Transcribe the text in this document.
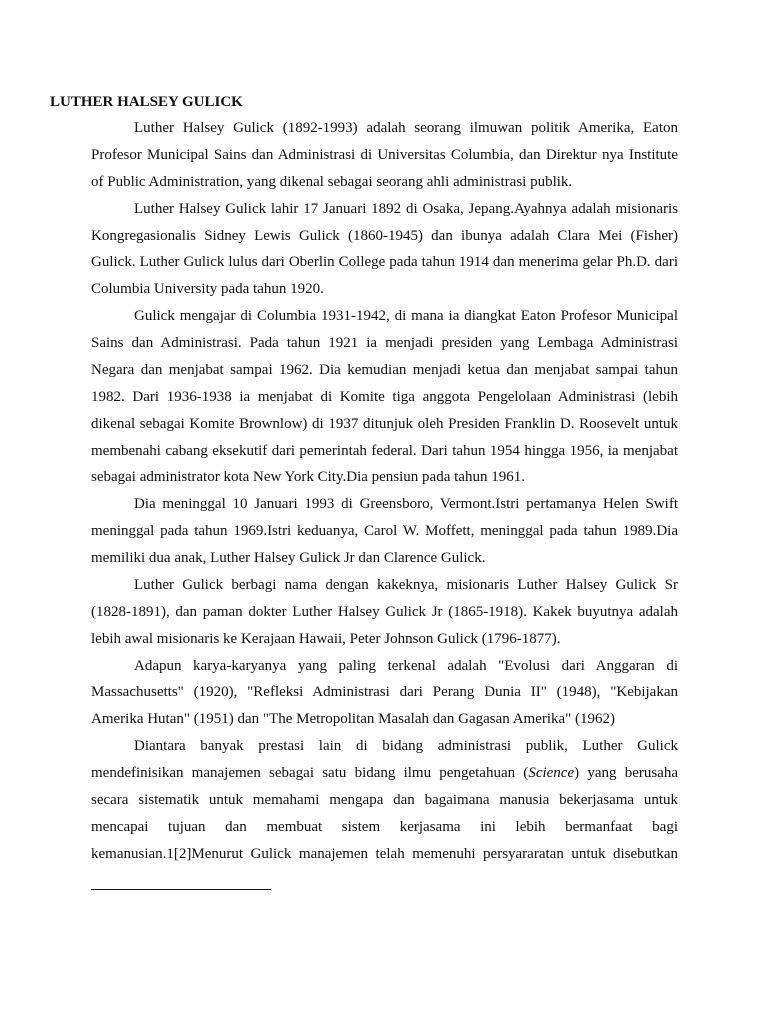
LUTHER HALSEY GULICK
Luther Halsey Gulick (1892-1993) adalah seorang ilmuwan politik Amerika, Eaton
Profesor Municipal Sains dan Administrasi di Universitas Columbia, dan Direktur nya Institute
of Public Administration, yang dikenal sebagai seorang ahli administrasi publik.
Luther Halsey Gulick lahir 17 Januari 1892 di Osaka, Jepang.Ayahnya adalah misionaris
Kongregasionalis Sidney Lewis Gulick (1860-1945) dan ibunya adalah Clara Mei (Fisher)
Gulick. Luther Gulick lulus dari Oberlin College pada tahun 1914 dan menerima gelar Ph.D. dari
Columbia University pada tahun 1920.
Gulick mengajar di Columbia 1931-1942, di mana ia diangkat Eaton Profesor Municipal
Sains dan Administrasi. Pada tahun 1921 ia menjadi presiden yang Lembaga Administrasi
Negara dan menjabat sampai 1962. Dia kemudian menjadi ketua dan menjabat sampai tahun
1982. Dari 1936-1938 ia menjabat di Komite tiga anggota Pengelolaan Administrasi (lebih
dikenal sebagai Komite Brownlow) di 1937 ditunjuk oleh Presiden Franklin D. Roosevelt untuk
membenahi cabang eksekutif dari pemerintah federal. Dari tahun 1954 hingga 1956, ia menjabat
sebagai administrator kota New York City.Dia pensiun pada tahun 1961.
Dia meninggal 10 Januari 1993 di Greensboro, Vermont.Istri pertamanya Helen Swift
meninggal pada tahun 1969.Istri keduanya, Carol W. Moffett, meninggal pada tahun 1989.Dia
memiliki dua anak, Luther Halsey Gulick Jr dan Clarence Gulick.
Luther Gulick berbagi nama dengan kakeknya, misionaris Luther Halsey Gulick Sr
(1828-1891), dan paman dokter Luther Halsey Gulick Jr (1865-1918). Kakek buyutnya adalah
lebih awal misionaris ke Kerajaan Hawaii, Peter Johnson Gulick (1796-1877).
Adapun karya-karyanya yang paling terkenal adalah "Evolusi dari Anggaran di
Massachusetts" (1920), "Refleksi Administrasi dari Perang Dunia II" (1948), "Kebijakan
Amerika Hutan" (1951) dan "The Metropolitan Masalah dan Gagasan Amerika" (1962)
Diantara banyak prestasi lain di bidang administrasi publik, Luther Gulick
mendefinisikan manajemen sebagai satu bidang ilmu pengetahuan (Science) yang berusaha
secara sistematik untuk memahami mengapa dan bagaimana manusia bekerjasama untuk
mencapai tujuan dan membuat sistem kerjasama ini lebih bermanfaat bagi
kemanusian.1[2]Menurut Gulick manajemen telah memenuhi persyararatan untuk disebutkan
